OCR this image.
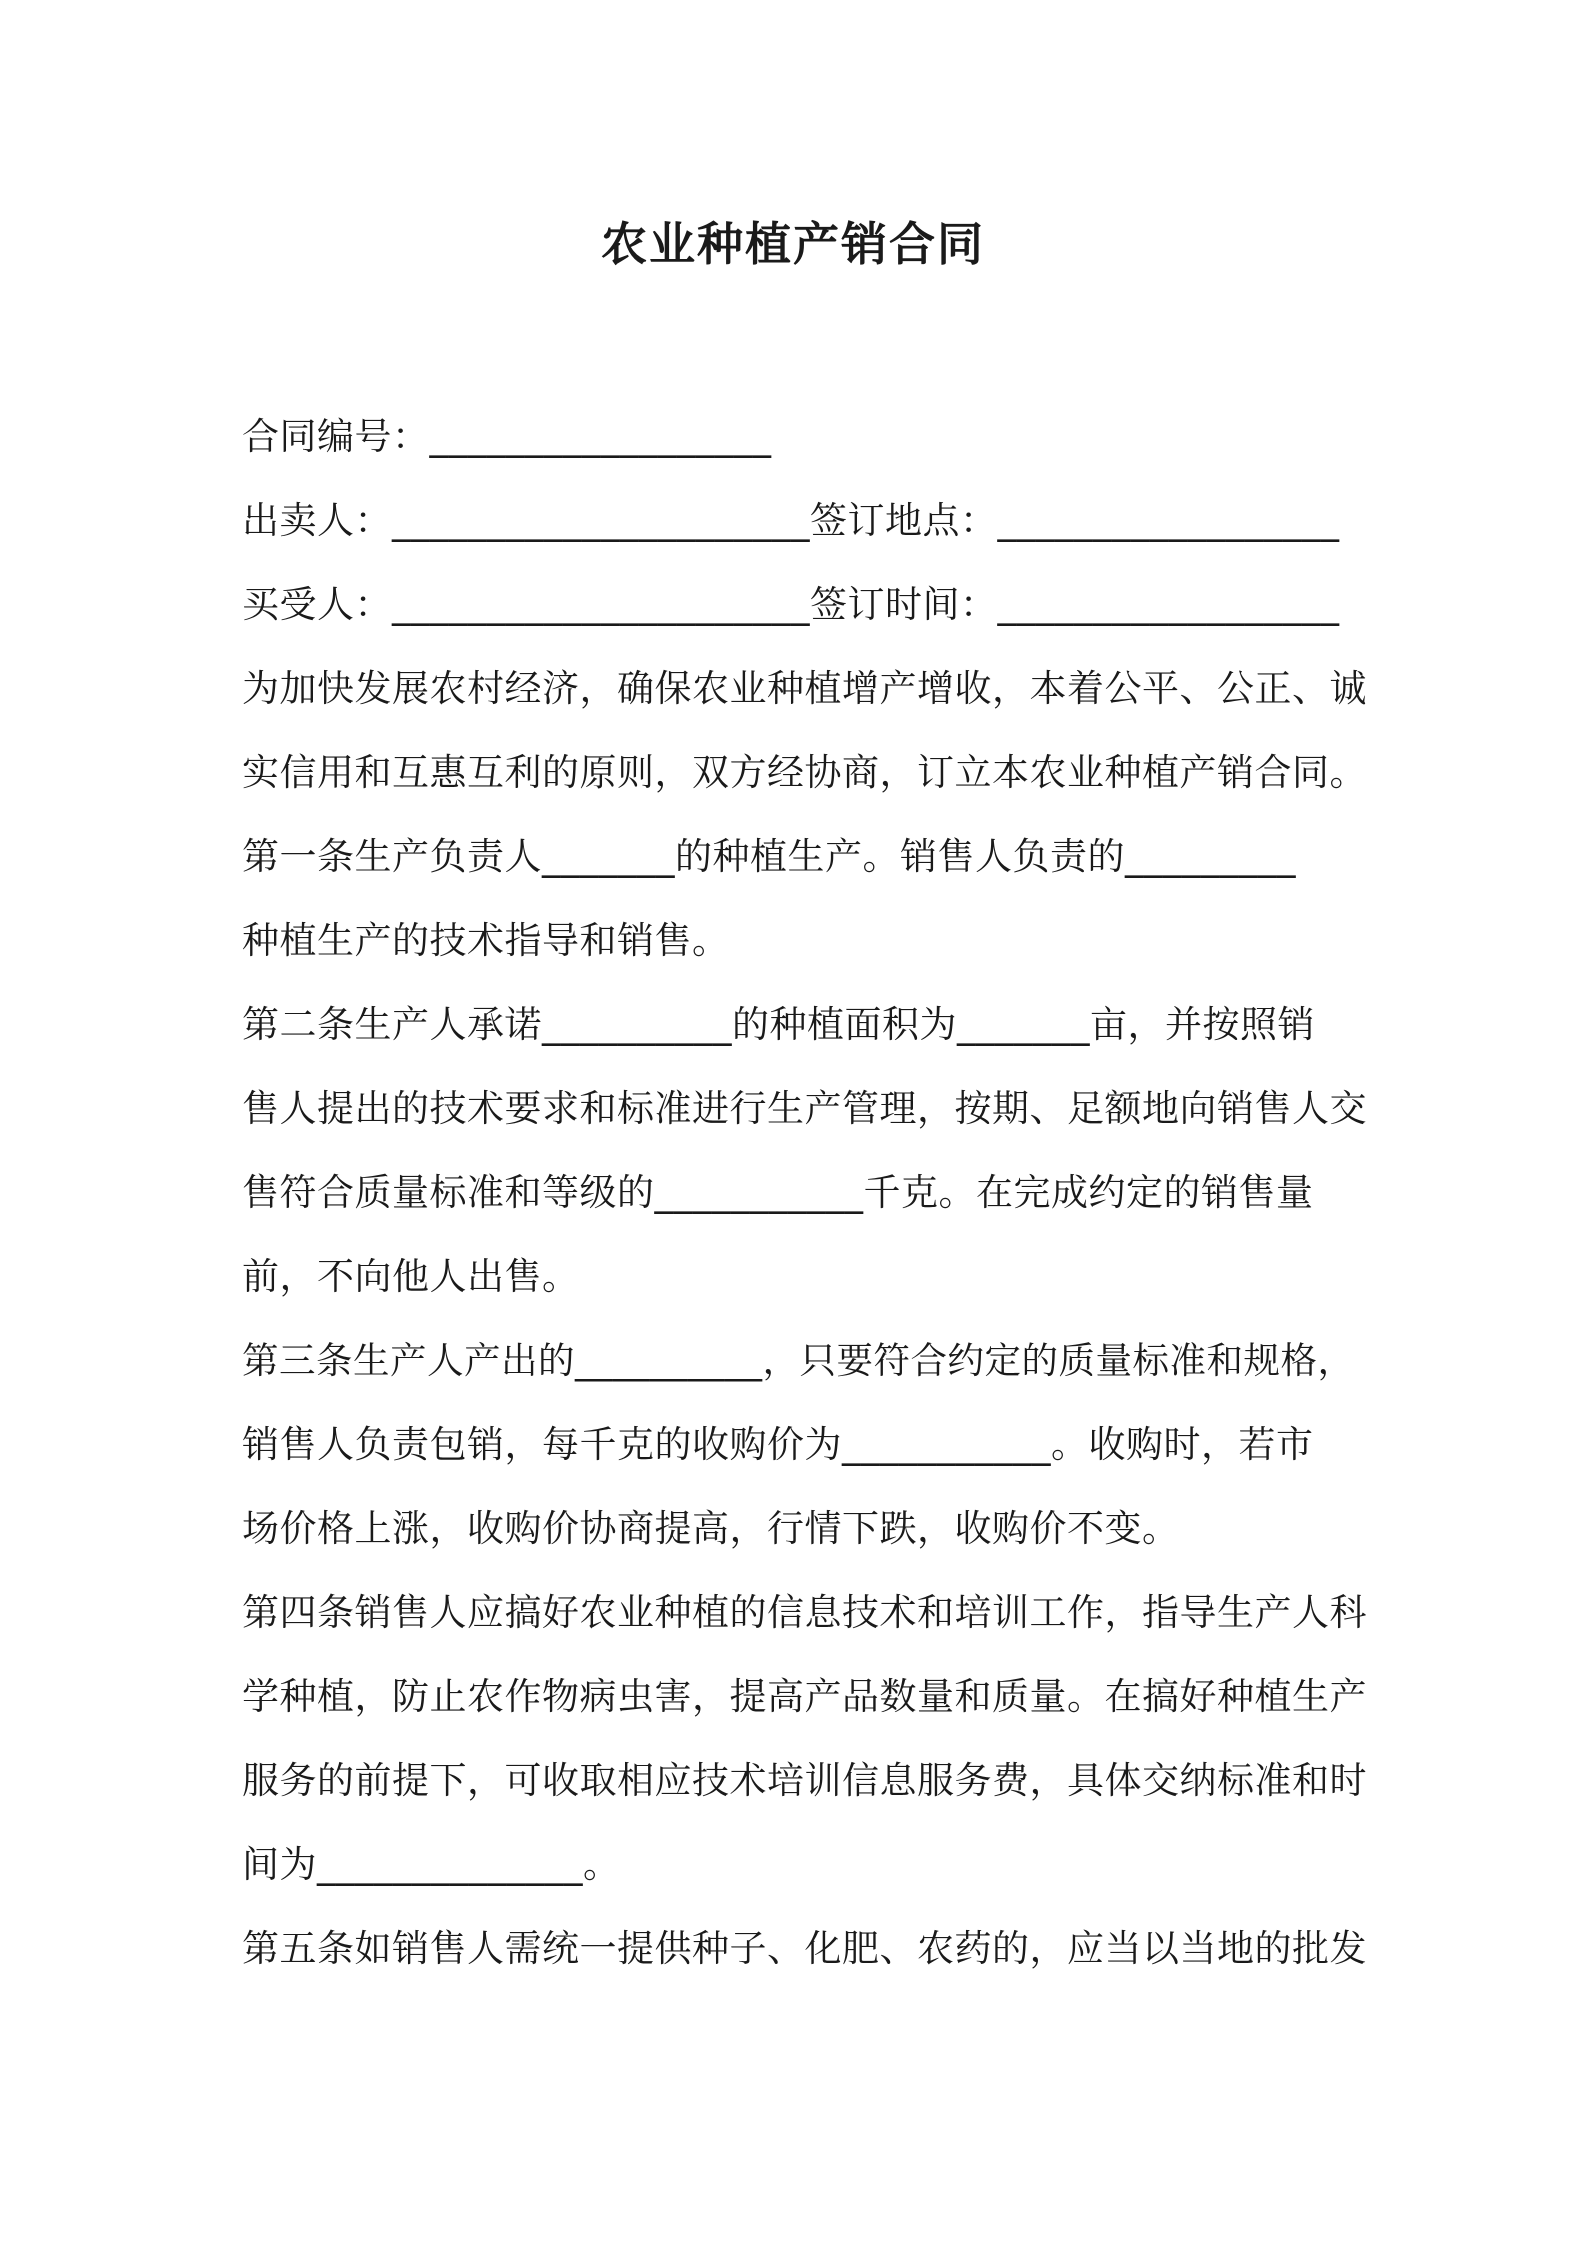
农业种植产销合同
合同编号：__________________
出卖人：______________________签订地点：__________________
买受人：______________________签订时间：__________________
为加快发展农村经济，确保农业种植增产增收，本着公平、公正、诚
实信用和互惠互利的原则，双方经协商，订立本农业种植产销合同。
第一条生产负责人_______的种植生产。销售人负责的_________
种植生产的技术指导和销售。
第二条生产人承诺__________的种植面积为_______亩，并按照销
售人提出的技术要求和标准进行生产管理，按期、足额地向销售人交
售符合质量标准和等级的___________千克。在完成约定的销售量
前，不向他人出售。
第三条生产人产出的__________，只要符合约定的质量标准和规格，
销售人负责包销，每千克的收购价为___________。收购时，若市
场价格上涨，收购价协商提高，行情下跌，收购价不变。
第四条销售人应搞好农业种植的信息技术和培训工作，指导生产人科
学种植，防止农作物病虫害，提高产品数量和质量。在搞好种植生产
服务的前提下，可收取相应技术培训信息服务费，具体交纳标准和时
间为______________。
第五条如销售人需统一提供种子、化肥、农药的，应当以当地的批发
